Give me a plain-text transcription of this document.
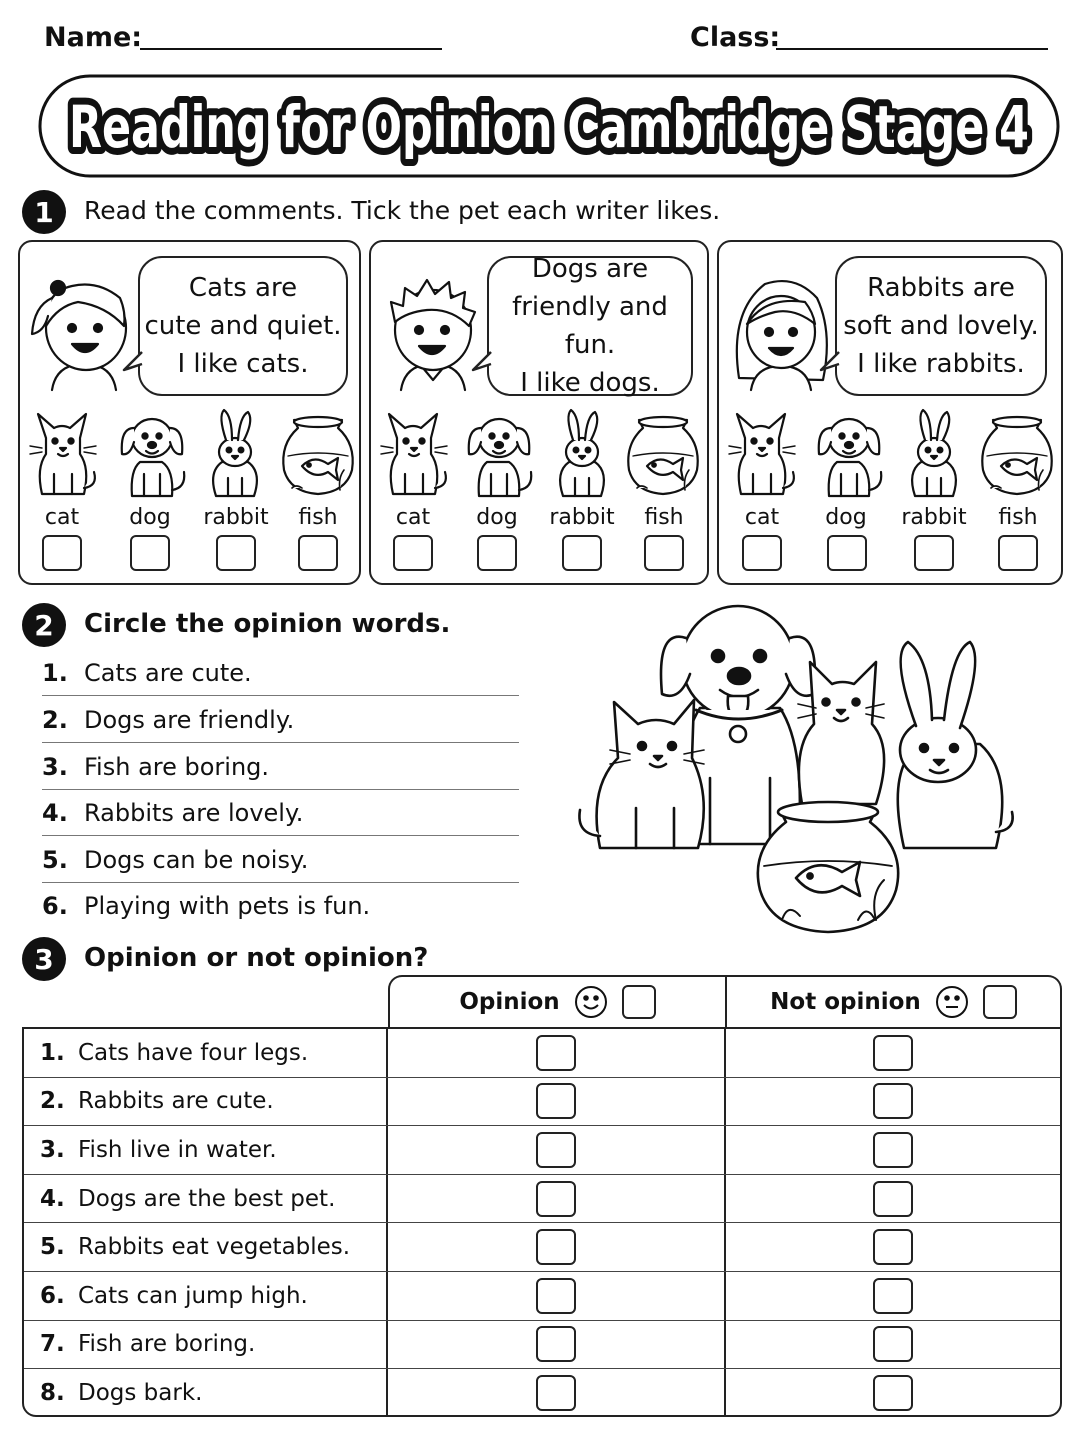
Name:	Class:
Reading for Opinion Cambridge Stage 4
1	Read the comments. Tick the pet each writer likes.
Cats are
cute and quiet.
I like cats.
cat	dog	rabbit	fish
Dogs are
friendly and fun.
I like dogs.
cat	dog	rabbit	fish
Rabbits are
soft and lovely.
I like rabbits.
cat	dog	rabbit	fish
2	Circle the opinion words.
1. Cats are cute.
2. Dogs are friendly.
3. Fish are boring.
4. Rabbits are lovely.
5. Dogs can be noisy.
6. Playing with pets is fun.
3	Opinion or not opinion?
Opinion	Not opinion
1. Cats have four legs.
2. Rabbits are cute.
3. Fish live in water.
4. Dogs are the best pet.
5. Rabbits eat vegetables.
6. Cats can jump high.
7. Fish are boring.
8. Dogs bark.
